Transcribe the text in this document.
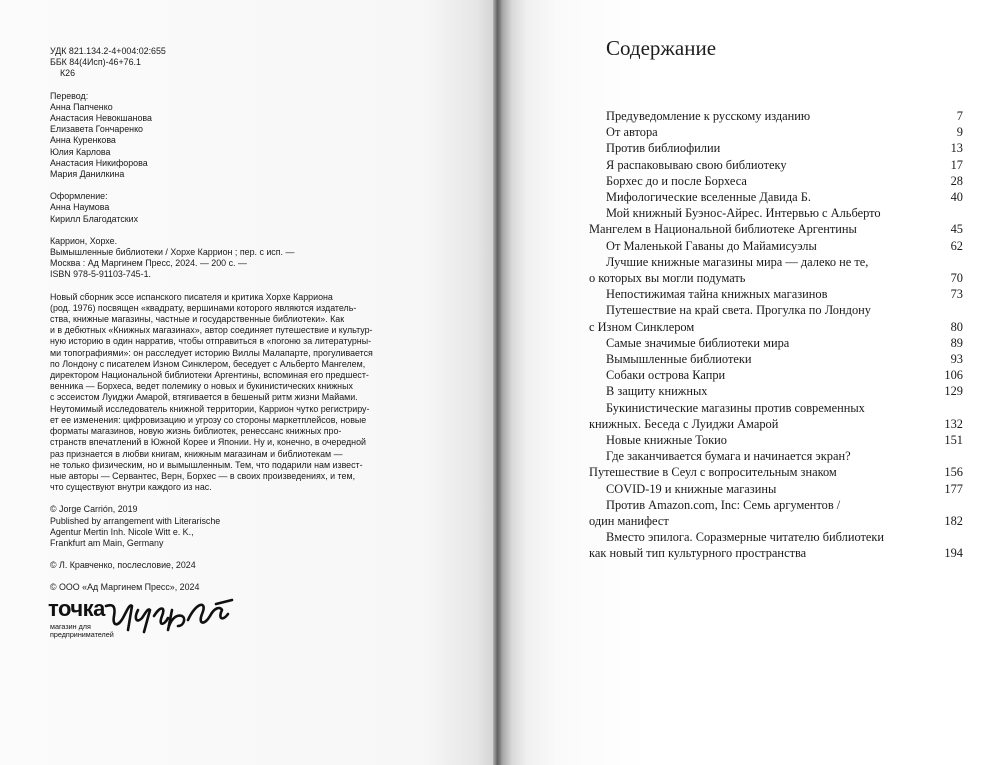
УДК 821.134.2-4+004:02:655
ББК 84(4Исп)-46+76.1
К26
Перевод:
Анна Папченко
Анастасия Невокшанова
Елизавета Гончаренко
Анна Куренкова
Юлия Карлова
Анастасия Никифорова
Мария Данилкина
Оформление:
Анна Наумова
Кирилл Благодатских
Каррион, Хорхе.
Вымышленные библиотеки / Хорхе Каррион ; пер. с исп. —
Москва : Ад Маргинем Пресс, 2024. — 200 с. —
ISBN 978-5-91103-745-1.
Новый сборник эссе испанского писателя и критика Хорхе Карриона
(род. 1976) посвящен «квадрату, вершинами которого являются издатель-
ства, книжные магазины, частные и государственные библиотеки». Как
и в дебютных «Книжных магазинах», автор соединяет путешествие и культур-
ную историю в один нарратив, чтобы отправиться в «погоню за литературны-
ми топографиями»: он расследует историю Виллы Малапарте, прогуливается
по Лондону с писателем Изном Синклером, беседует с Альберто Мангелем,
директором Национальной библиотеки Аргентины, вспоминая его предшест-
венника — Борхеса, ведет полемику о новых и букинистических книжных
с эссеистом Луиджи Амарой, втягивается в бешеный ритм жизни Майами.
Неутомимый исследователь книжной территории, Каррион чутко регистриру-
ет ее изменения: цифровизацию и угрозу со стороны маркетплейсов, новые
форматы магазинов, новую жизнь библиотек, ренессанс книжных про-
странств впечатлений в Южной Корее и Японии. Ну и, конечно, в очередной
раз признается в любви книгам, книжным магазинам и библиотекам —
не только физическим, но и вымышленным. Тем, что подарили нам извест-
ные авторы — Сервантес, Верн, Борхес — в своих произведениях, и тем,
что существуют внутри каждого из нас.
© Jorge Carrión, 2019
Published by arrangement with Literarische
Agentur Mertin Inh. Nicole Witt e. K.,
Frankfurt am Main, Germany
© Л. Кравченко, послесловие, 2024
© ООО «Ад Маргинем Пресс», 2024
точка
магазин для
предпринимателей
Содержание
Предуведомление к русскому изданию	7
От автора	9
Против библиофилии	13
Я распаковываю свою библиотеку	17
Борхес до и после Борхеса	28
Мифологические вселенные Давида Б.	40
Мой книжный Буэнос-Айрес. Интервью с Альберто
Мангелем в Национальной библиотеке Аргентины	45
От Маленькой Гаваны до Майамисуэлы	62
Лучшие книжные магазины мира — далеко не те,
о которых вы могли подумать	70
Непостижимая тайна книжных магазинов	73
Путешествие на край света. Прогулка по Лондону
с Изном Синклером	80
Самые значимые библиотеки мира	89
Вымышленные библиотеки	93
Собаки острова Капри	106
В защиту книжных	129
Букинистические магазины против современных
книжных. Беседа с Луиджи Амарой	132
Новые книжные Токио	151
Где заканчивается бумага и начинается экран?
Путешествие в Сеул с вопросительным знаком	156
COVID-19 и книжные магазины	177
Против Amazon.com, Inc: Семь аргументов /
один манифест	182
Вместо эпилога. Соразмерные читателю библиотеки
как новый тип культурного пространства	194
